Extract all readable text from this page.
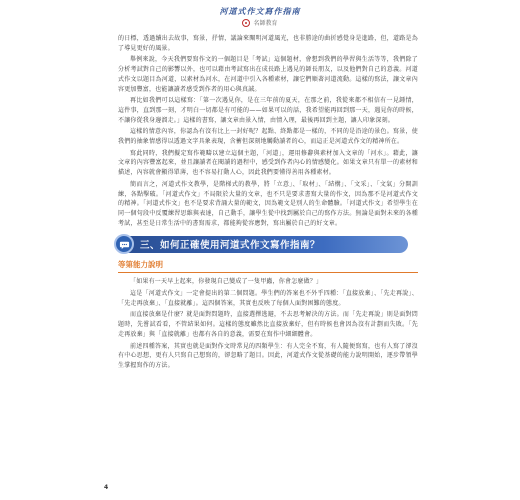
河道式作文寫作指南
名師教育

的日標，透過續出去故事，寫景，抒情，議論來闡明河道風光，也非勝途的曲折感覺身是進路，但，道路是為了導見更好的風景。

舉例來說，今天我們要寫作文的一個題目是「考試」這個題材，會想到我們的學習與生活等等，我們除了分析考試對自己的影響以外，也可以藉由考試寫出在成長路上遇見的師長朋友，以及他們對自己的意義。河道式作文以題目為河道，以素材為河水，在河道中引入各種素材，讓它們順著河道流動。這樣的寫法，讓文章內容更加豐富，也能讓讀者感受到作者的用心與真誠。

再比如我們可以這樣寫：「第一次遇見你，是在三年前的夏天，在那之前，我從來都不相信有一見鍾情，這件事，直到那一刻，才明白一切都是有可能的——如果可以的話，我希望能再回到那一天，遇見你的時候，不讓你從我身邊溜走。」這樣的書寫，讓文章由景入情，由情入理，最後再回到主題，讓人印象深刻。

這樣的情意內容，你認為有沒有比上一封好呢？起點、終點都是一樣的，不同的是沿途的景色。寫景，使我們的抽象情感得以透過文字具象表現，含蓄但深刻地觸動讀者的心，而這正是河道式作文的精神所在。

寫此同時，我們擬定寫作範疇以建立這個主題，「河道」，運用修辭與素材加入文章的「河水」。藉此，讓文章的內容豐富起來，並且讓讀者在閱讀的過程中，感受到作者內心的情感變化。如果文章只有單一的素材和描述，內容就會顯得單薄，也不容易打動人心，因此我們要懂得善用各種素材。

簡而言之，河道式作文教學，是階梯式的教學，將「立意」、「取材」、「結構」、「文采」、「文氣」分開訓練，各點擊破。「河道式作文」不局限於大量的文章，也不只是要求書寫大量的作文，因為那不是河道式作文的精神。「河道式作文」也不是要求背誦大量的範文，因為範文是別人的生命體驗。「河道式作文」希望學生在同一個句段中反覆練習思維與表達，自己動手，讓學生從中找到屬於自己的寫作方法。無論是面對未來的各種考試，甚至是日常生活中的書寫需求，都能夠從容應對，寫出屬於自己的好文章。

三、如何正確使用河道式作文寫作指南？
等第能力說明

「如果有一天早上起來，你發現自己變成了一隻甲蟲，你會怎麼做？」

這是「河道式作文」一定會提出的第二個問題。學生們的答案也不外乎四種：「直接放棄」、「先走再說」、「先走再放棄」、「直接就離」。這四個答案，其實也反映了每個人面對困難的態度。

而直接放棄是什麼？就是面對問題時，直接選擇逃避，不去思考解決的方法。而「先走再說」則是面對問題時，先嘗試看看，不管結果如何。這樣的態度雖然比直接放棄好，但有時候也會因為沒有計劃而失敗。「先走再放棄」與「直接就離」也都有各自的意義，需要在寫作中細細體會。

前述四種答案，其實也就是面對作文時常見的四類學生：有人完全不寫，有人隨便寫寫，也有人寫了卻沒有中心思想，更有人只寫自己想寫的，卻忽略了題目。因此，河道式作文從基礎的能力說明開始，逐步帶領學生掌握寫作的方法。

4
